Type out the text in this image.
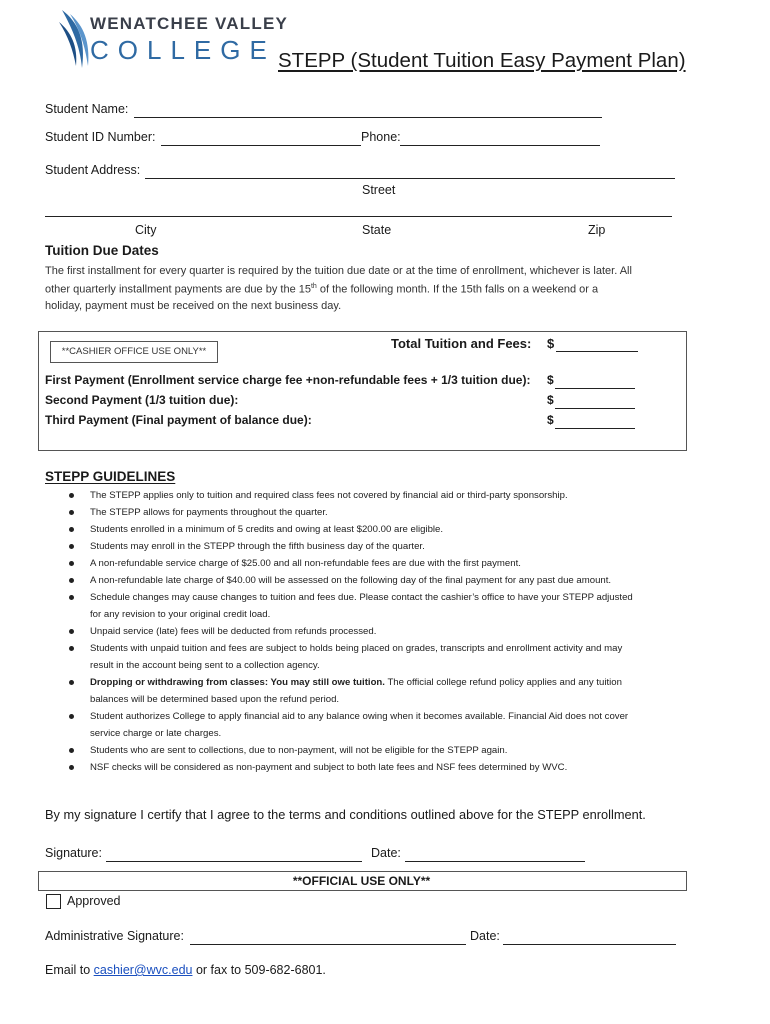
WENATCHEE VALLEY
COLLEGE STEPP (Student Tuition Easy Payment Plan)
Student Name:
Student ID Number:	Phone:
Student Address:
Street
City	State	Zip
Tuition Due Dates
The first installment for every quarter is required by the tuition due date or at the time of enrollment, whichever is later. All
other quarterly installment payments are due by the 15th of the following month. If the 15th falls on a weekend or a
holiday, payment must be received on the next business day.
**CASHIER OFFICE USE ONLY**
Total Tuition and Fees: $
First Payment (Enrollment service charge fee +non-refundable fees + 1/3 tuition due): $
Second Payment (1/3 tuition due):	$
Third Payment (Final payment of balance due):	$
STEPP GUIDELINES
The STEPP applies only to tuition and required class fees not covered by financial aid or third-party sponsorship.
The STEPP allows for payments throughout the quarter.
Students enrolled in a minimum of 5 credits and owing at least $200.00 are eligible.
Students may enroll in the STEPP through the fifth business day of the quarter.
A non-refundable service charge of $25.00 and all non-refundable fees are due with the first payment.
A non-refundable late charge of $40.00 will be assessed on the following day of the final payment for any past due amount.
Schedule changes may cause changes to tuition and fees due. Please contact the cashier’s office to have your STEPP adjusted
for any revision to your original credit load.
Unpaid service (late) fees will be deducted from refunds processed.
Students with unpaid tuition and fees are subject to holds being placed on grades, transcripts and enrollment activity and may
result in the account being sent to a collection agency.
Dropping or withdrawing from classes: You may still owe tuition. The official college refund policy applies and any tuition
balances will be determined based upon the refund period.
Student authorizes College to apply financial aid to any balance owing when it becomes available. Financial Aid does not cover
service charge or late charges.
Students who are sent to collections, due to non-payment, will not be eligible for the STEPP again.
NSF checks will be considered as non-payment and subject to both late fees and NSF fees determined by WVC.
By my signature I certify that I agree to the terms and conditions outlined above for the STEPP enrollment.
Signature:	Date:
**OFFICIAL USE ONLY**
Approved
Administrative Signature:	Date:
Email to cashier@wvc.edu or fax to 509-682-6801.
